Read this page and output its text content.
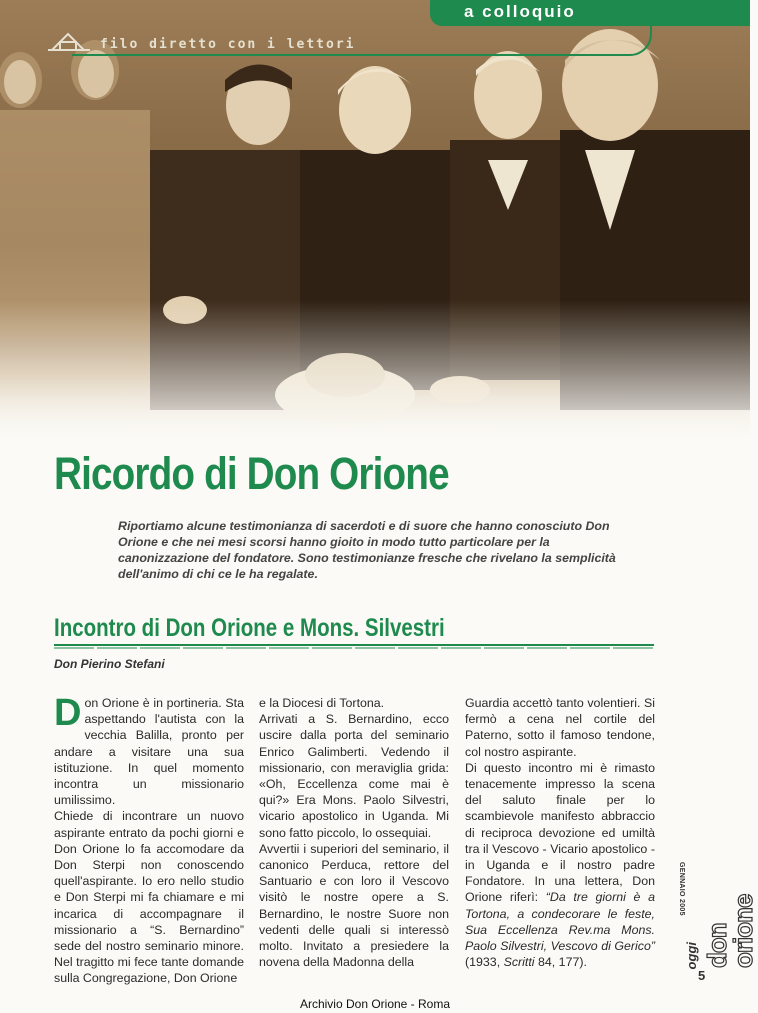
a colloquio
filo diretto con i lettori
Ricordo di Don Orione
Riportiamo alcune testimonianza di sacerdoti e di suore che hanno conosciuto Don Orione e che nei mesi scorsi hanno gioito in modo tutto particolare per la canonizzazione del fondatore. Sono testimonianze fresche che rivelano la semplicità dell'animo di chi ce le ha regalate.
Incontro di Don Orione e Mons. Silvestri
Don Pierino Stefani

Don Orione è in portineria. Sta aspettando l'autista con la vecchia Balilla, pronto per andare a visitare una sua istituzione. In quel momento incontra un missionario umilissimo.

Chiede di incontrare un nuovo aspirante entrato da pochi giorni e Don Orione lo fa accomodare da Don Sterpi non conoscendo quell'aspirante. Io ero nello studio e Don Sterpi mi fa chiamare e mi incarica di accompagnare il missionario a “S. Bernardino” sede del nostro seminario minore. Nel tragitto mi fece tante domande sulla Congregazione, Don Orione

e la Diocesi di Tortona.

Arrivati a S. Bernardino, ecco uscire dalla porta del seminario Enrico Galimberti. Vedendo il missionario, con meraviglia grida: «Oh, Eccellenza come mai è qui?» Era Mons. Paolo Silvestri, vicario apostolico in Uganda. Mi sono fatto piccolo, lo ossequiai.

Avvertii i superiori del seminario, il canonico Perduca, rettore del Santuario e con loro il Vescovo visitò le nostre opere a S. Bernardino, le nostre Suore non vedenti delle quali si interessò molto. Invitato a presiedere la novena della Madonna della

Guardia accettò tanto volentieri. Si fermò a cena nel cortile del Paterno, sotto il famoso tendone, col nostro aspirante.

Di questo incontro mi è rimasto tenacemente impresso la scena del saluto finale per lo scambievole manifesto abbraccio di reciproca devozione ed umiltà tra il Vescovo - Vicario apostolico - in Uganda e il nostro padre Fondatore. In una lettera, Don Orione riferì: “Da tre giorni è a Tortona, a condecorare le feste, Sua Eccellenza Rev.ma Mons. Paolo Silvestri, Vescovo di Gerico” (1933, Scritti 84, 177).	don orione
GENNAIO 2005
oggi
5
Archivio Don Orione - Roma
